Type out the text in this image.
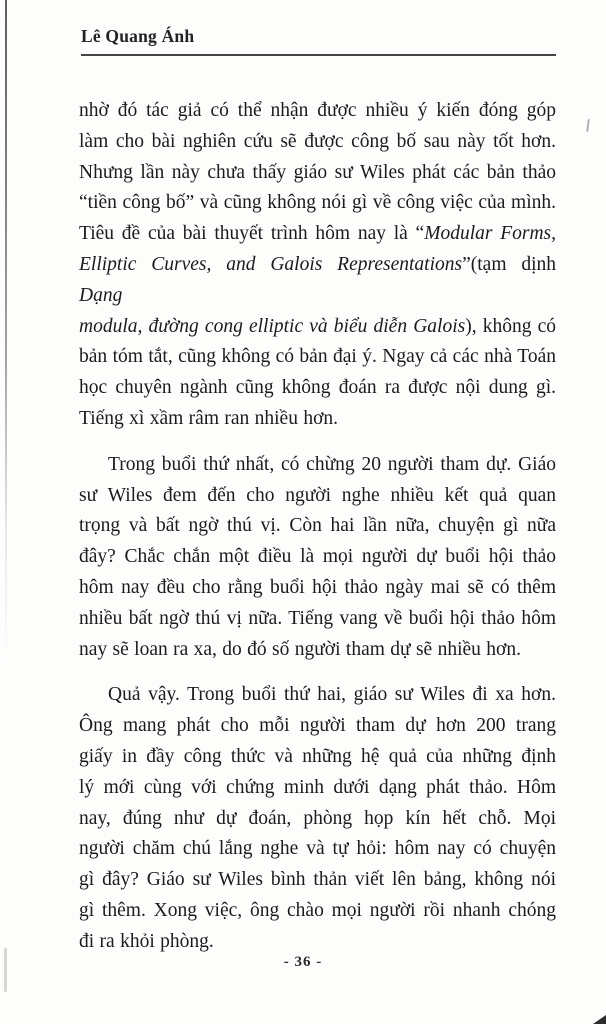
Lê Quang Ánh
nhờ đó tác giả có thể nhận được nhiều ý kiến đóng góp
làm cho bài nghiên cứu sẽ được công bố sau này tốt hơn.
Nhưng lần này chưa thấy giáo sư Wiles phát các bản thảo
“tiền công bố” và cũng không nói gì về công việc của mình.
Tiêu đề của bài thuyết trình hôm nay là “Modular Forms,
Elliptic Curves, and Galois Representations”(tạm dịnh Dạng
modula, đường cong elliptic và biểu diễn Galois), không có
bản tóm tắt, cũng không có bản đại ý. Ngay cả các nhà Toán
học chuyên ngành cũng không đoán ra được nội dung gì.
Tiếng xì xầm râm ran nhiều hơn.
Trong buổi thứ nhất, có chừng 20 người tham dự. Giáo
sư Wiles đem đến cho người nghe nhiều kết quả quan
trọng và bất ngờ thú vị. Còn hai lần nữa, chuyện gì nữa
đây? Chắc chắn một điều là mọi người dự buổi hội thảo
hôm nay đều cho rằng buổi hội thảo ngày mai sẽ có thêm
nhiều bất ngờ thú vị nữa. Tiếng vang về buổi hội thảo hôm
nay sẽ loan ra xa, do đó số người tham dự sẽ nhiều hơn.
Quả vậy. Trong buổi thứ hai, giáo sư Wiles đi xa hơn.
Ông mang phát cho mỗi người tham dự hơn 200 trang
giấy in đầy công thức và những hệ quả của những định
lý mới cùng với chứng minh dưới dạng phát thảo. Hôm
nay, đúng như dự đoán, phòng họp kín hết chỗ. Mọi
người chăm chú lắng nghe và tự hỏi: hôm nay có chuyện
gì đây? Giáo sư Wiles bình thản viết lên bảng, không nói
gì thêm. Xong việc, ông chào mọi người rồi nhanh chóng
đi ra khỏi phòng.
- 36 -
